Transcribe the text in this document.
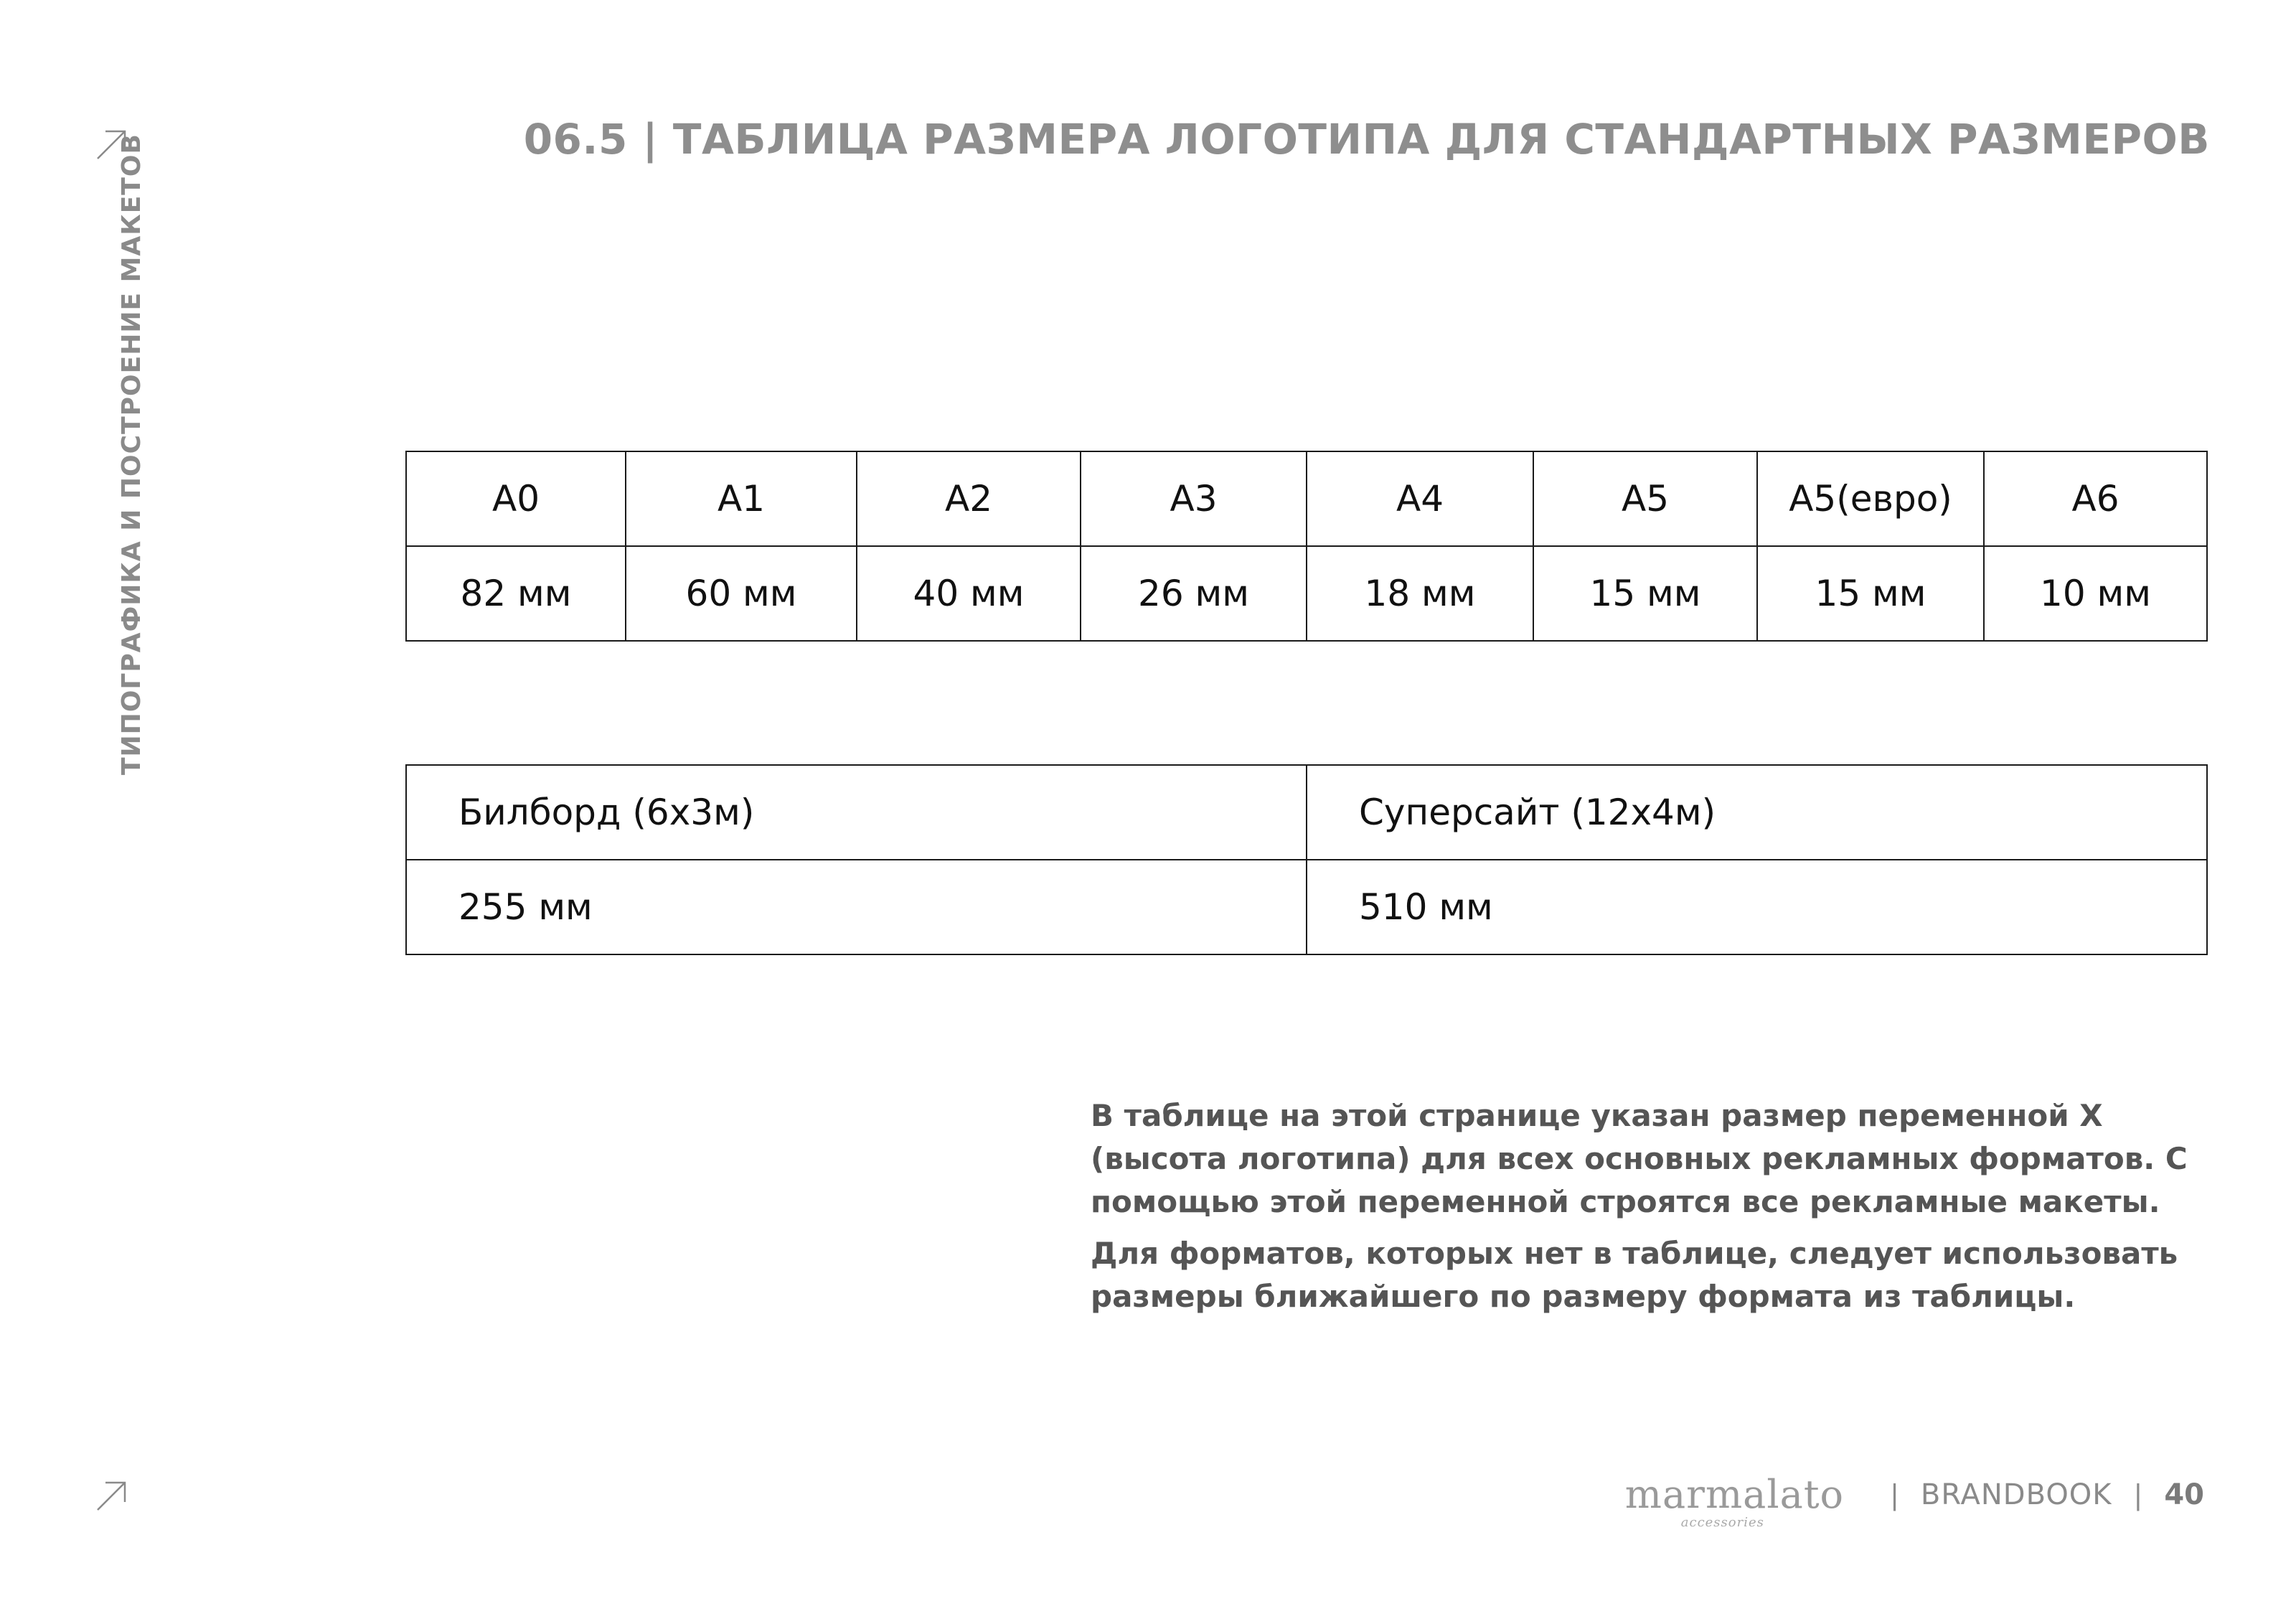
ТИПОГРАФИКА И ПОСТРОЕНИЕ МАКЕТОВ	06.5 | ТАБЛИЦА РАЗМЕРА ЛОГОТИПА ДЛЯ СТАНДАРТНЫХ РАЗМЕРОВ
А0	А1	А2	А3	А4	А5	А5(евро)	А6
82 мм	60 мм	40 мм	26 мм	18 мм	15 мм	15 мм	10 мм
Билборд (6х3м)	Суперсайт (12х4м)
255 мм	510 мм

В таблице на этой странице указан размер переменной Х (высота логотипа) для всех основных рекламных форматов. С помощью этой переменной строятся все рекламные макеты.

Для форматов, которых нет в таблице, следует использовать размеры ближайшего по размеру формата из таблицы.

marmalato
accessories
| BRANDBOOK | 40
